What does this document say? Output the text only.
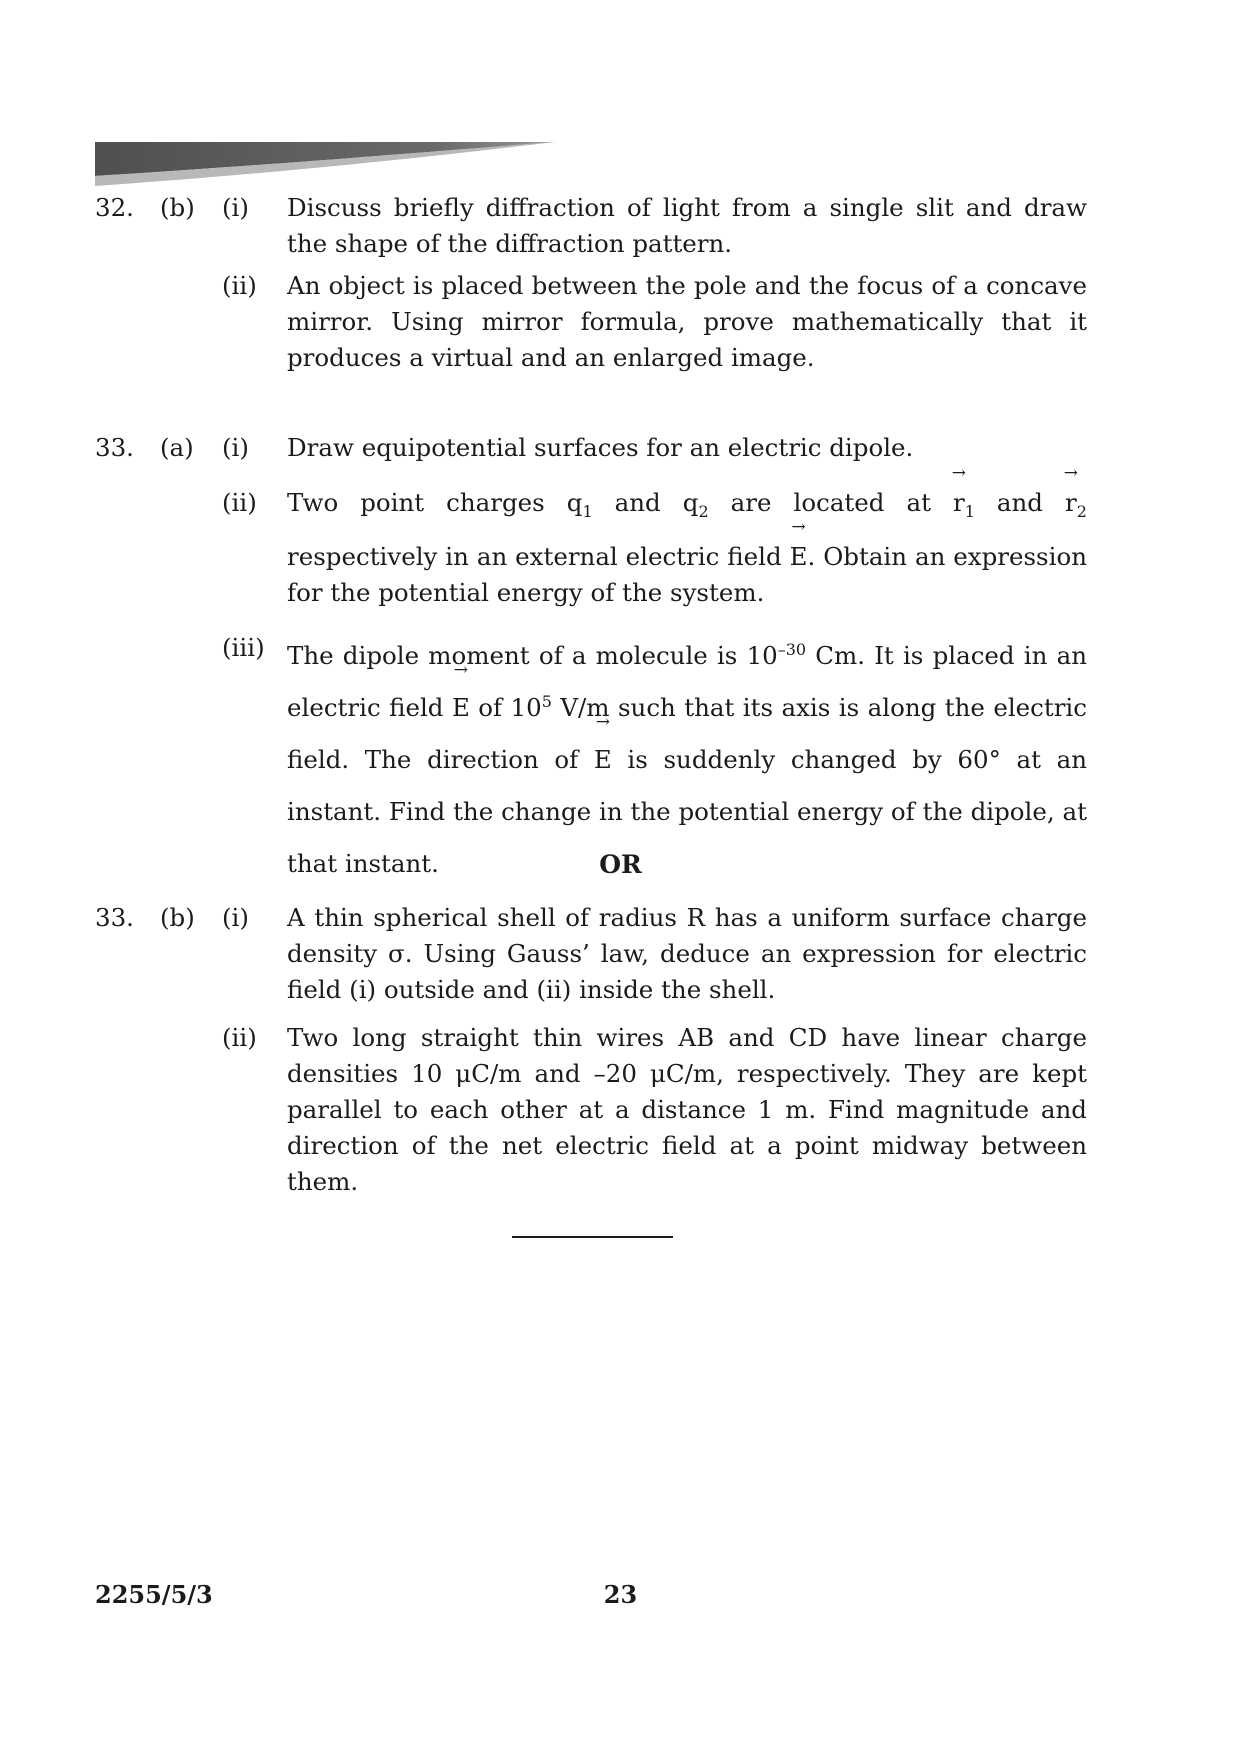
32.	(b) (i)	Discuss briefly diffraction of light from a single slit and draw the shape of the diffraction pattern.
(ii)	An object is placed between the pole and the focus of a concave mirror. Using mirror formula, prove mathematically that it produces a virtual and an enlarged image.
33.	(a) (i)	Draw equipotential surfaces for an electric dipole.
(ii)	Two point charges $q_1$ and $q_2$ are located at → $r_1$ and → $r_2$
respectively in an external electric field → E. Obtain an expression for the potential energy of the system.
(iii) The dipole moment of a molecule is $10^{-30}$ Cm. It is placed in an electric field → E of $10^5$ V/m such that its axis is along the electric field. The direction of → E is suddenly changed by 60° at an instant. Find the change in the potential energy of the dipole, at that instant.	OR
33.	(b) (i)	A thin spherical shell of radius R has a uniform surface charge density σ. Using Gauss’ law, deduce an expression for electric field (i) outside and (ii) inside the shell.
(ii)	Two long straight thin wires AB and CD have linear charge densities 10 μC/m and –20 μC/m, respectively. They are kept parallel to each other at a distance 1 m. Find magnitude and direction of the net electric field at a point midway between them.
2255/5/3	23
